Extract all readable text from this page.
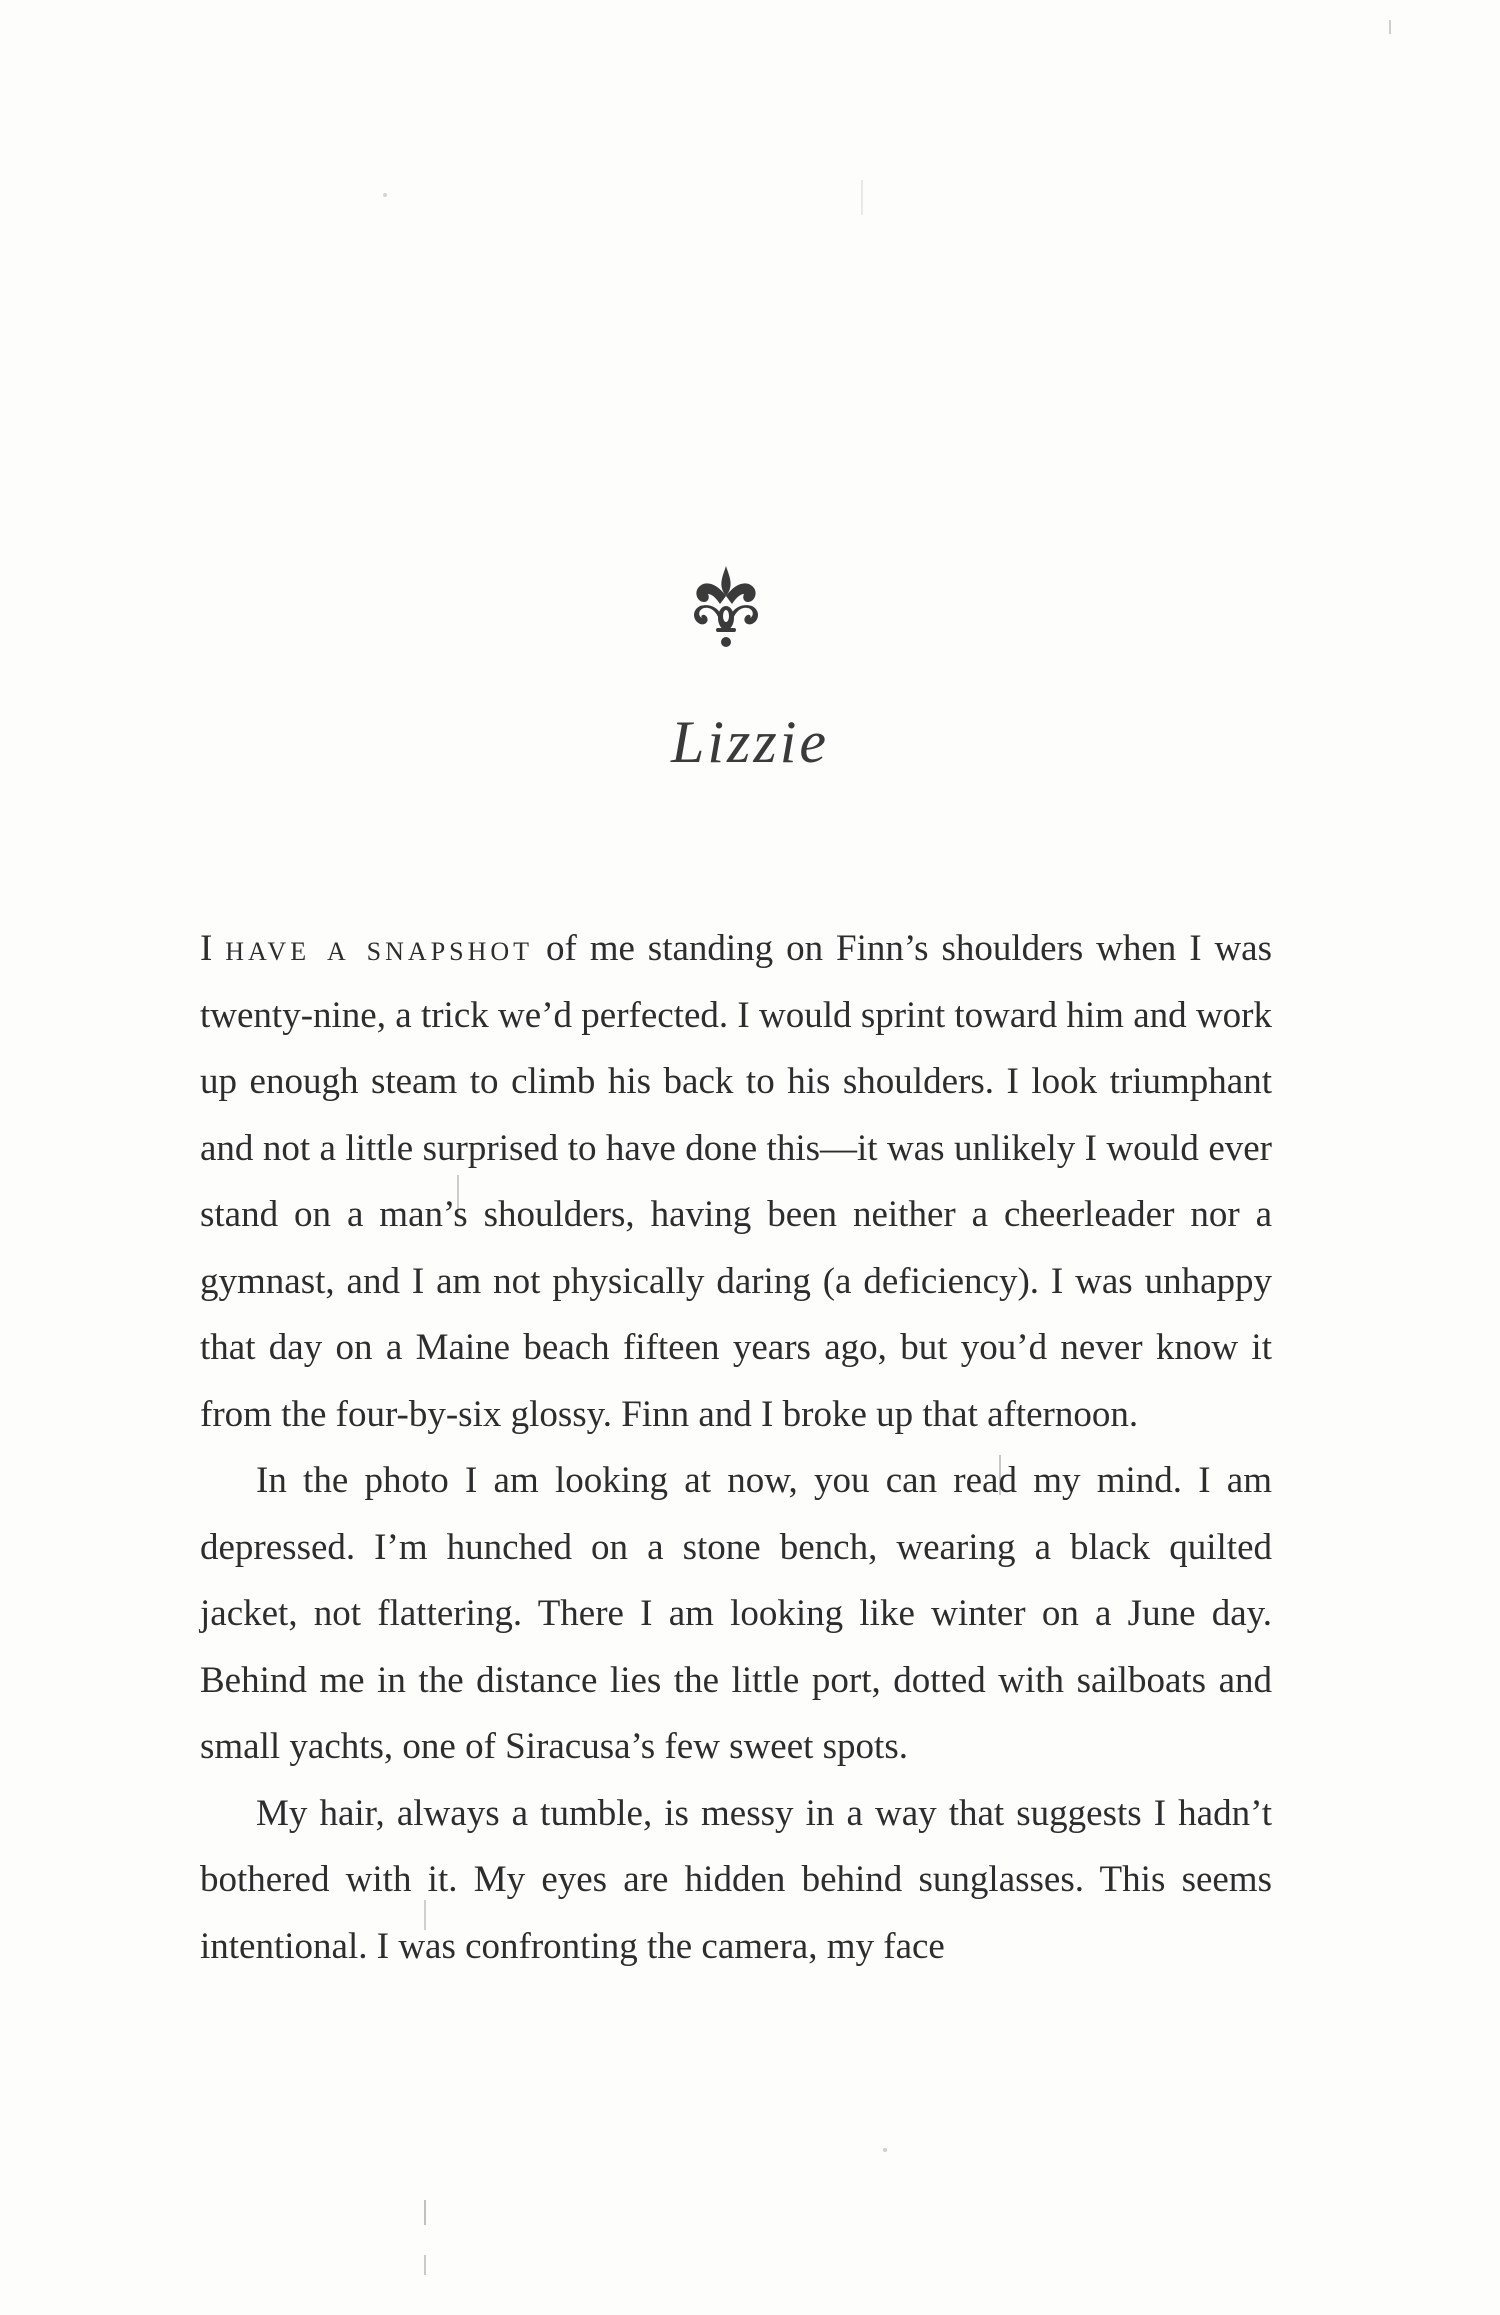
Lizzie

I have a snapshot of me standing on Finn’s shoulders when I was twenty-nine, a trick we’d perfected. I would sprint toward him and work up enough steam to climb his back to his shoulders. I look triumphant and not a little surprised to have done this—it was unlikely I would ever stand on a man’s shoulders, having been neither a cheerleader nor a gymnast, and I am not physically daring (a deficiency). I was unhappy that day on a Maine beach fifteen years ago, but you’d never know it from the four-by-six glossy. Finn and I broke up that afternoon.

In the photo I am looking at now, you can read my mind. I am depressed. I’m hunched on a stone bench, wearing a black quilted jacket, not flattering. There I am looking like winter on a June day. Behind me in the distance lies the little port, dotted with sailboats and small yachts, one of Siracusa’s few sweet spots.

My hair, always a tumble, is messy in a way that suggests I hadn’t bothered with it. My eyes are hidden behind sunglasses. This seems intentional. I was confronting the camera, my face
